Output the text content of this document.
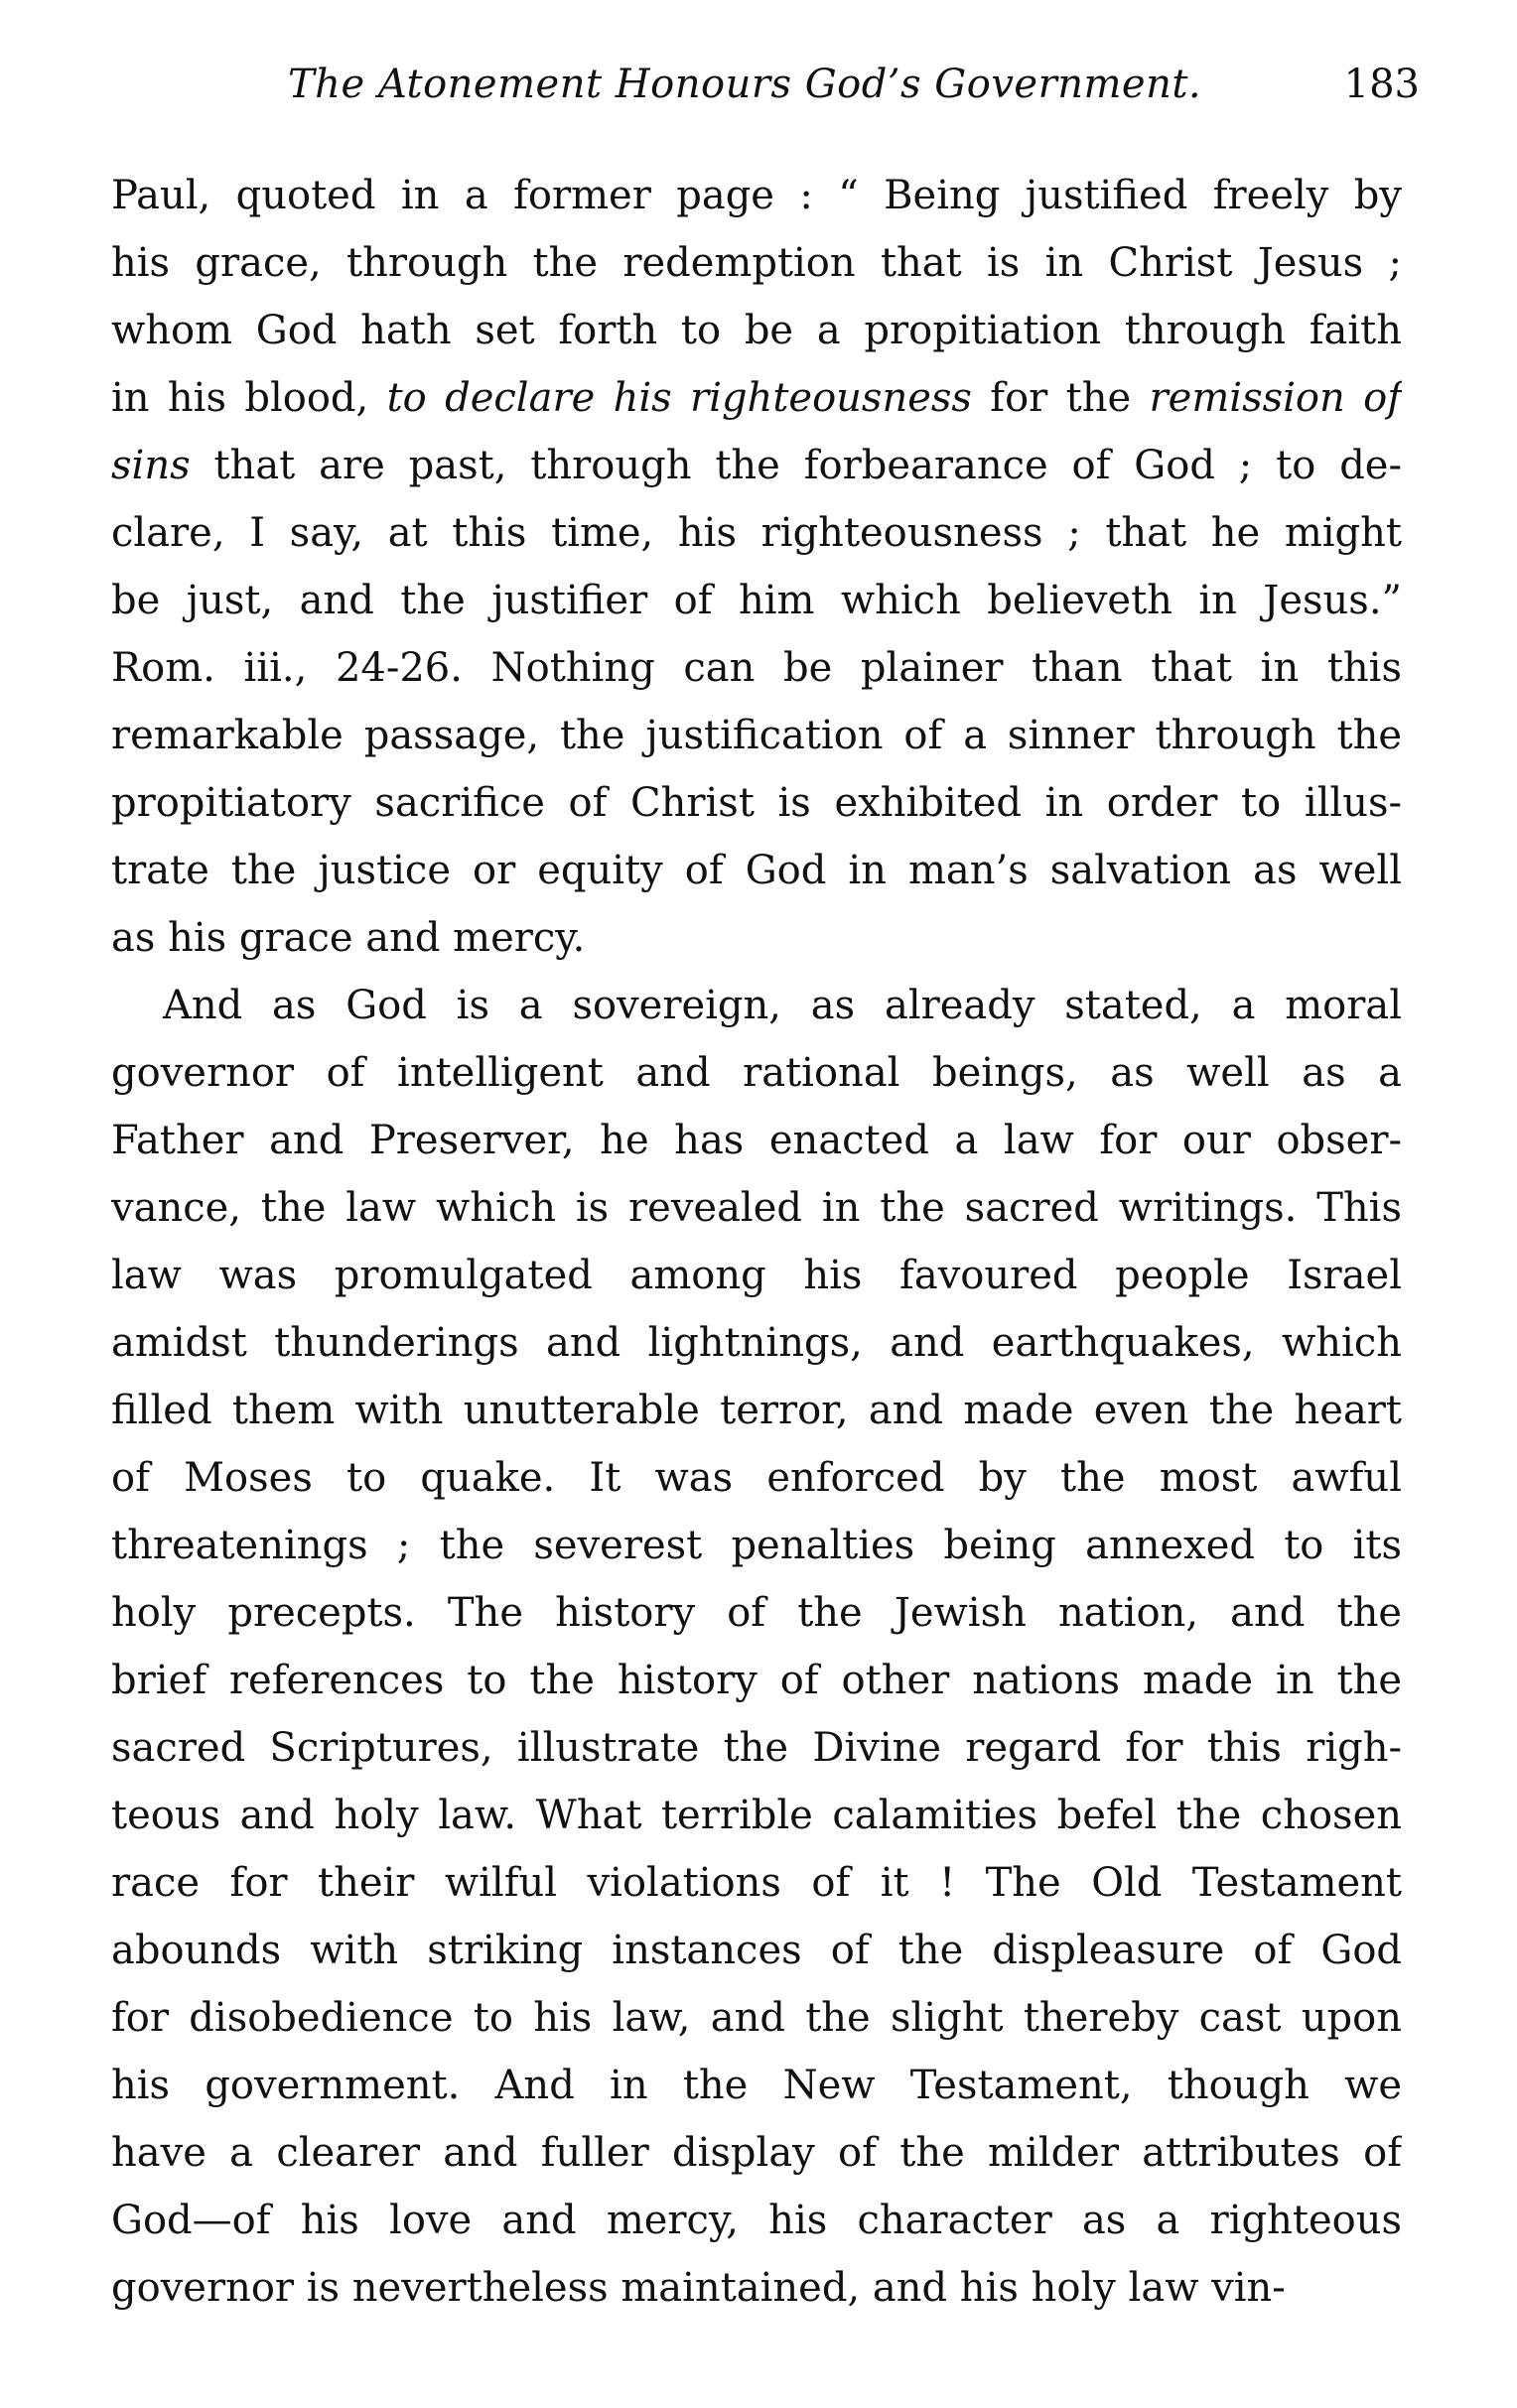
The Atonement Honours God’s Government.	183
Paul, quoted in a former page : “ Being justified freely by
his grace, through the redemption that is in Christ Jesus ;
whom God hath set forth to be a propitiation through faith
in his blood, to declare his righteousness for the remission of
sins that are past, through the forbearance of God ; to de-
clare, I say, at this time, his righteousness ; that he might
be just, and the justifier of him which believeth in Jesus.”
Rom. iii., 24-26. Nothing can be plainer than that in this
remarkable passage, the justification of a sinner through the
propitiatory sacrifice of Christ is exhibited in order to illus-
trate the justice or equity of God in man’s salvation as well
as his grace and mercy.
And as God is a sovereign, as already stated, a moral
governor of intelligent and rational beings, as well as a
Father and Preserver, he has enacted a law for our obser-
vance, the law which is revealed in the sacred writings. This
law was promulgated among his favoured people Israel
amidst thunderings and lightnings, and earthquakes, which
filled them with unutterable terror, and made even the heart
of Moses to quake. It was enforced by the most awful
threatenings ; the severest penalties being annexed to its
holy precepts. The history of the Jewish nation, and the
brief references to the history of other nations made in the
sacred Scriptures, illustrate the Divine regard for this righ-
teous and holy law. What terrible calamities befel the chosen
race for their wilful violations of it ! The Old Testament
abounds with striking instances of the displeasure of God
for disobedience to his law, and the slight thereby cast upon
his government. And in the New Testament, though we
have a clearer and fuller display of the milder attributes of
God—of his love and mercy, his character as a righteous
governor is nevertheless maintained, and his holy law vin-
